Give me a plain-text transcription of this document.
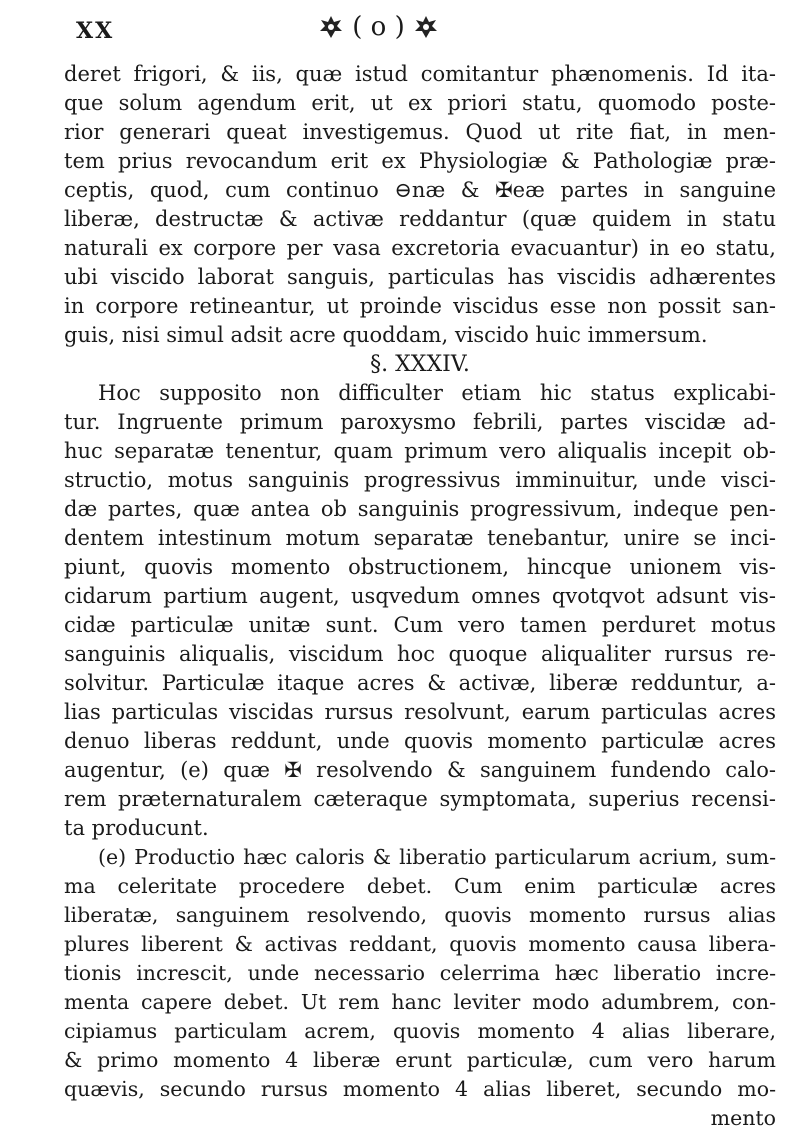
XX	( o )
deret frigori, & iis, quæ istud comitantur phænomenis. Id ita-
que solum agendum erit, ut ex priori statu, quomodo poste-
rior generari queat investigemus. Quod ut rite fiat, in men-
tem prius revocandum erit ex Physiologiæ & Pathologiæ præ-
ceptis, quod, cum continuo ⊖næ & ✠eæ partes in sanguine
liberæ, destructæ & activæ reddantur (quæ quidem in statu
naturali ex corpore per vasa excretoria evacuantur) in eo statu,
ubi viscido laborat sanguis, particulas has viscidis adhærentes
in corpore retineantur, ut proinde viscidus esse non possit san-
guis, nisi simul adsit acre quoddam, viscido huic immersum.
§. XXXIV.
Hoc supposito non difficulter etiam hic status explicabi-
tur. Ingruente primum paroxysmo febrili, partes viscidæ ad-
huc separatæ tenentur, quam primum vero aliqualis incepit ob-
structio, motus sanguinis progressivus imminuitur, unde visci-
dæ partes, quæ antea ob sanguinis progressivum, indeque pen-
dentem intestinum motum separatæ tenebantur, unire se inci-
piunt, quovis momento obstructionem, hincque unionem vis-
cidarum partium augent, usqvedum omnes qvotqvot adsunt vis-
cidæ particulæ unitæ sunt. Cum vero tamen perduret motus
sanguinis aliqualis, viscidum hoc quoque aliqualiter rursus re-
solvitur. Particulæ itaque acres & activæ, liberæ redduntur, a-
lias particulas viscidas rursus resolvunt, earum particulas acres
denuo liberas reddunt, unde quovis momento particulæ acres
augentur, (e) quæ ✠ resolvendo & sanguinem fundendo calo-
rem præternaturalem cæteraque symptomata, superius recensi-
ta producunt.
(e) Productio hæc caloris & liberatio particularum acrium, sum-
ma celeritate procedere debet. Cum enim particulæ acres
liberatæ, sanguinem resolvendo, quovis momento rursus alias
plures liberent & activas reddant, quovis momento causa libera-
tionis increscit, unde necessario celerrima hæc liberatio incre-
menta capere debet. Ut rem hanc leviter modo adumbrem, con-
cipiamus particulam acrem, quovis momento 4 alias liberare,
& primo momento 4 liberæ erunt particulæ, cum vero harum
quævis, secundo rursus momento 4 alias liberet, secundo mo-
mento
